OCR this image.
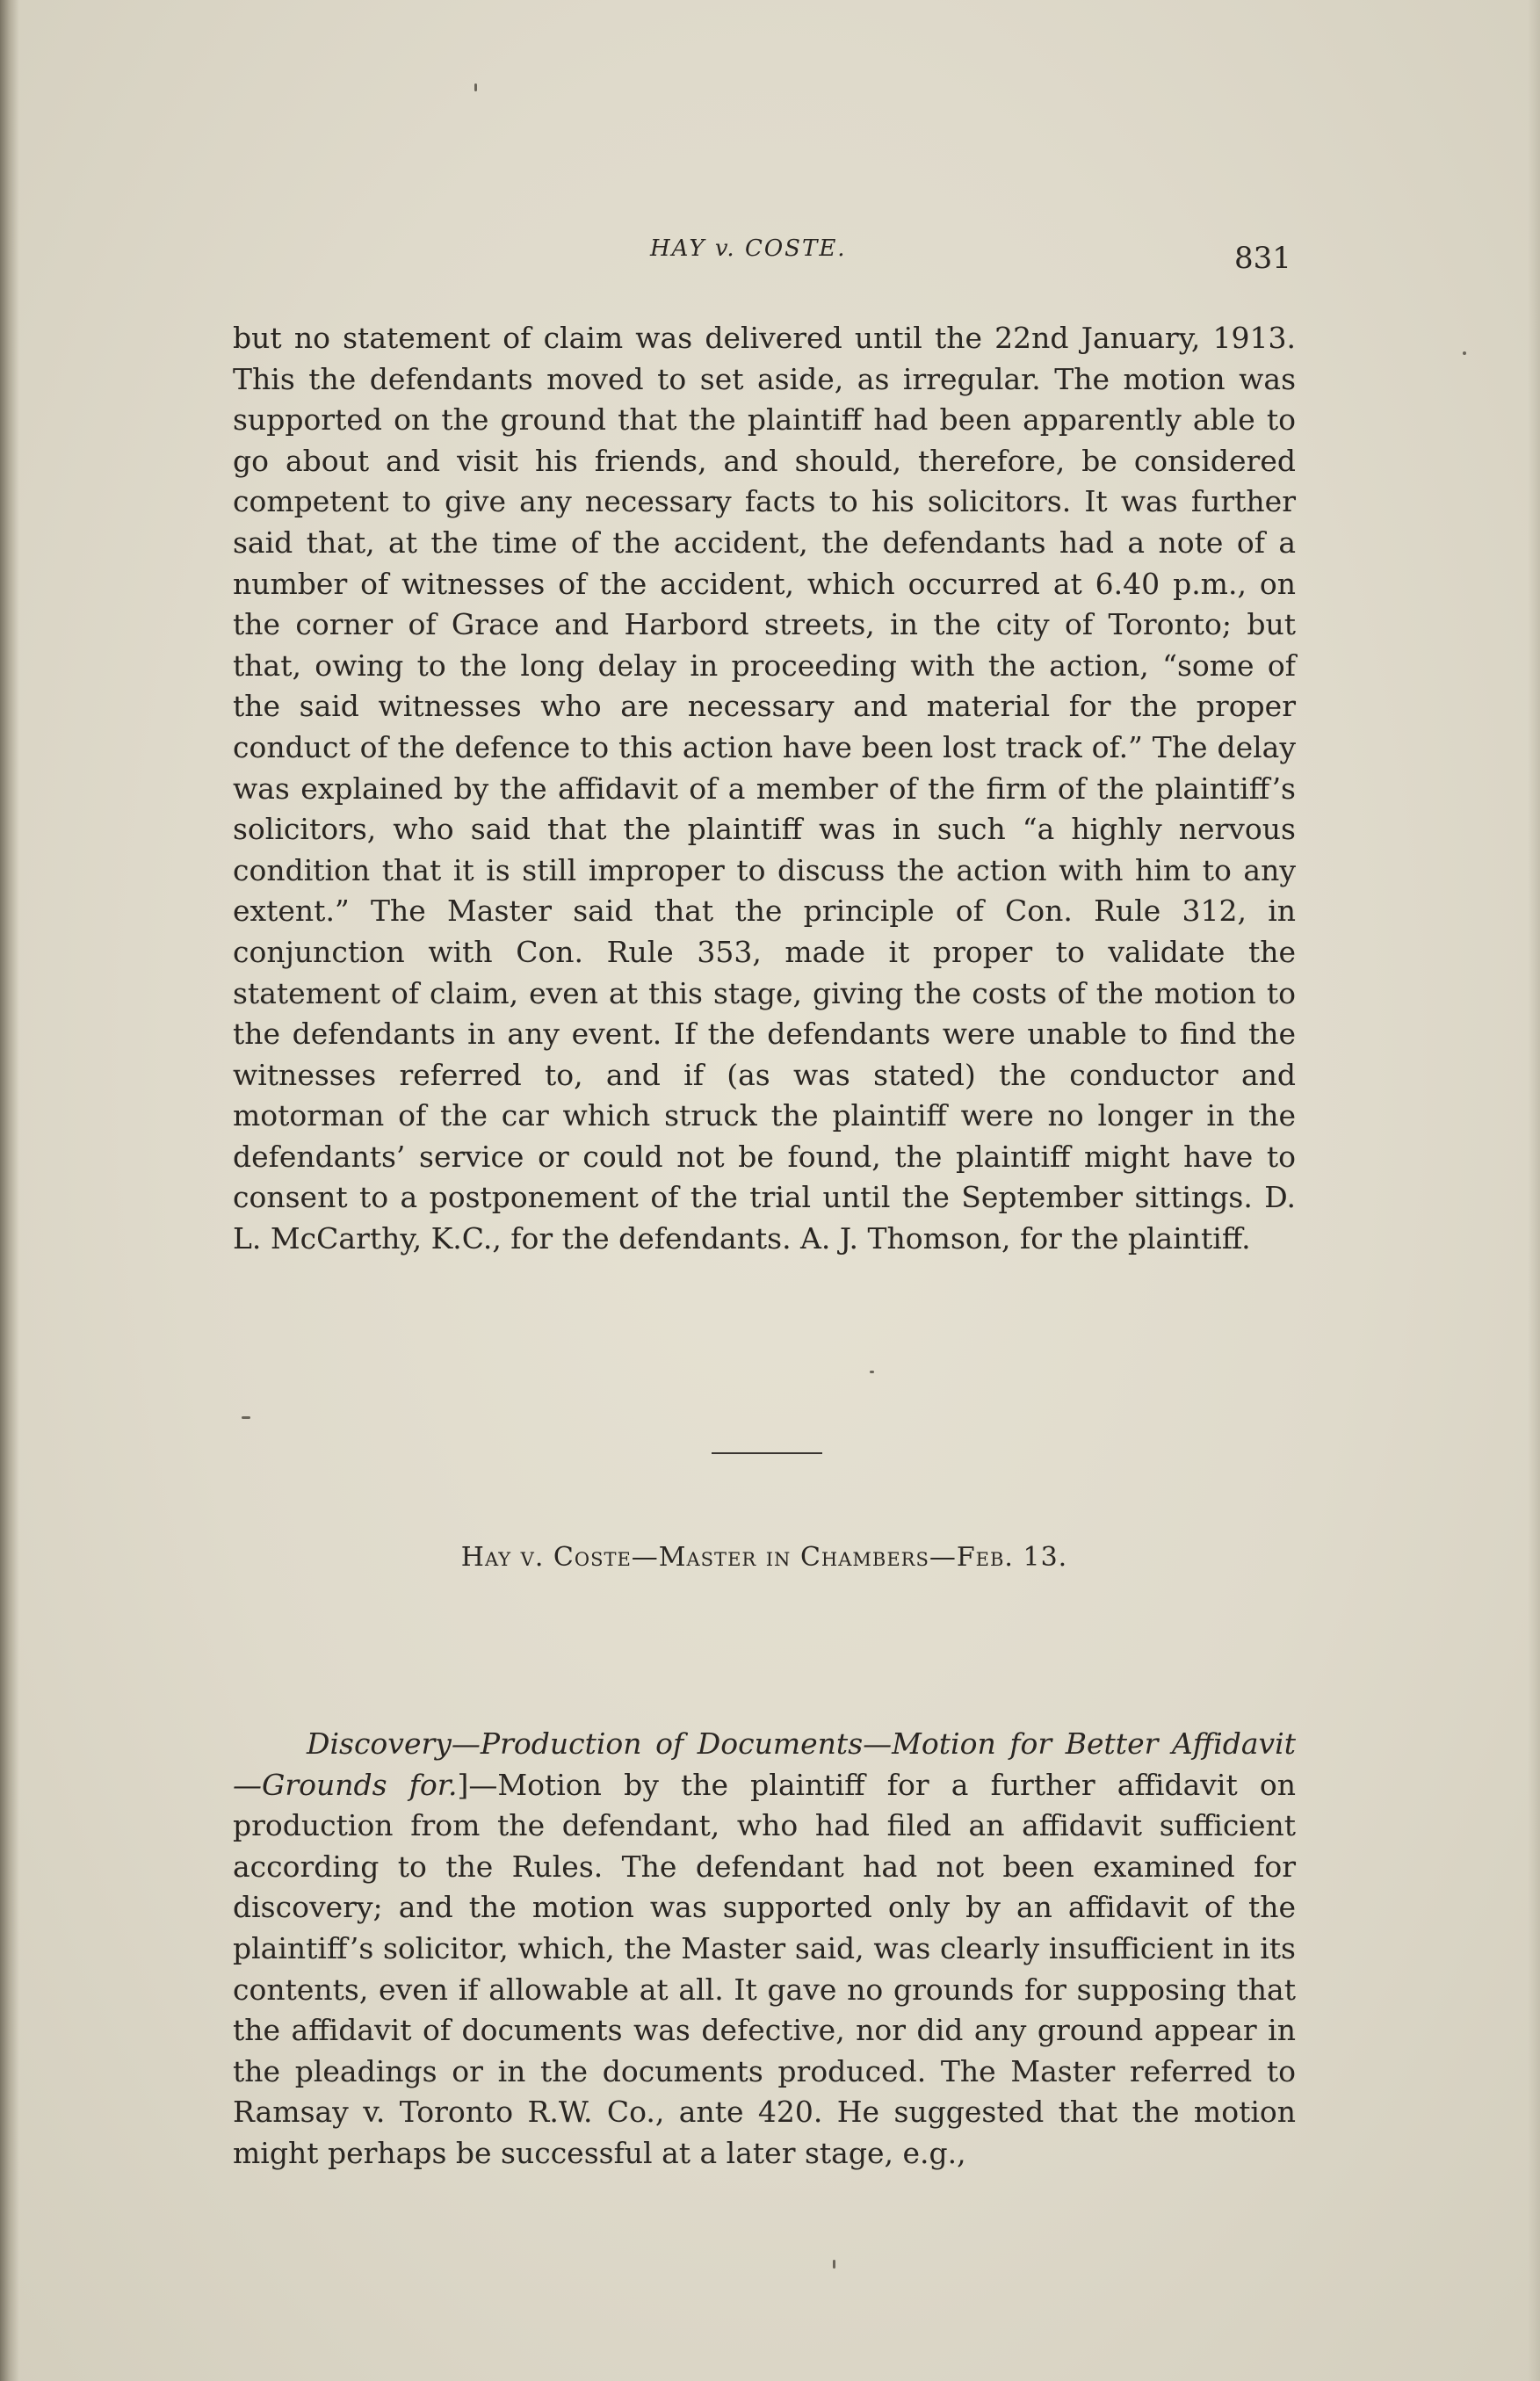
HAY v. COSTE.	831
but no statement of claim was delivered until the 22nd January, 1913. This the defendants moved to set aside, as irregular. The motion was supported on the ground that the plaintiff had been apparently able to go about and visit his friends, and should, therefore, be considered competent to give any necessary facts to his solicitors. It was further said that, at the time of the accident, the defendants had a note of a number of witnesses of the accident, which occurred at 6.40 p.m., on the corner of Grace and Harbord streets, in the city of Toronto; but that, owing to the long delay in proceeding with the action, “some of the said witnesses who are necessary and material for the proper conduct of the defence to this action have been lost track of.” The delay was explained by the affidavit of a member of the firm of the plaintiff’s solicitors, who said that the plaintiff was in such “a highly nervous condition that it is still improper to discuss the action with him to any extent.” The Master said that the principle of Con. Rule 312, in conjunction with Con. Rule 353, made it proper to validate the statement of claim, even at this stage, giving the costs of the motion to the defendants in any event. If the defendants were unable to find the witnesses referred to, and if (as was stated) the conductor and motorman of the car which struck the plaintiff were no longer in the defendants’ service or could not be found, the plaintiff might have to consent to a postponement of the trial until the September sittings. D. L. McCarthy, K.C., for the defendants. A. J. Thomson, for the plaintiff.
Hay v. Coste—Master in Chambers—Feb. 13.
Discovery—Production of Documents—Motion for Better Affidavit—Grounds for.]—Motion by the plaintiff for a further affidavit on production from the defendant, who had filed an affidavit sufficient according to the Rules. The defendant had not been examined for discovery; and the motion was supported only by an affidavit of the plaintiff’s solicitor, which, the Master said, was clearly insufficient in its contents, even if allowable at all. It gave no grounds for supposing that the affidavit of documents was defective, nor did any ground appear in the pleadings or in the documents produced. The Master referred to Ramsay v. Toronto R.W. Co., ante 420. He suggested that the motion might perhaps be successful at a later stage, e.g.,
